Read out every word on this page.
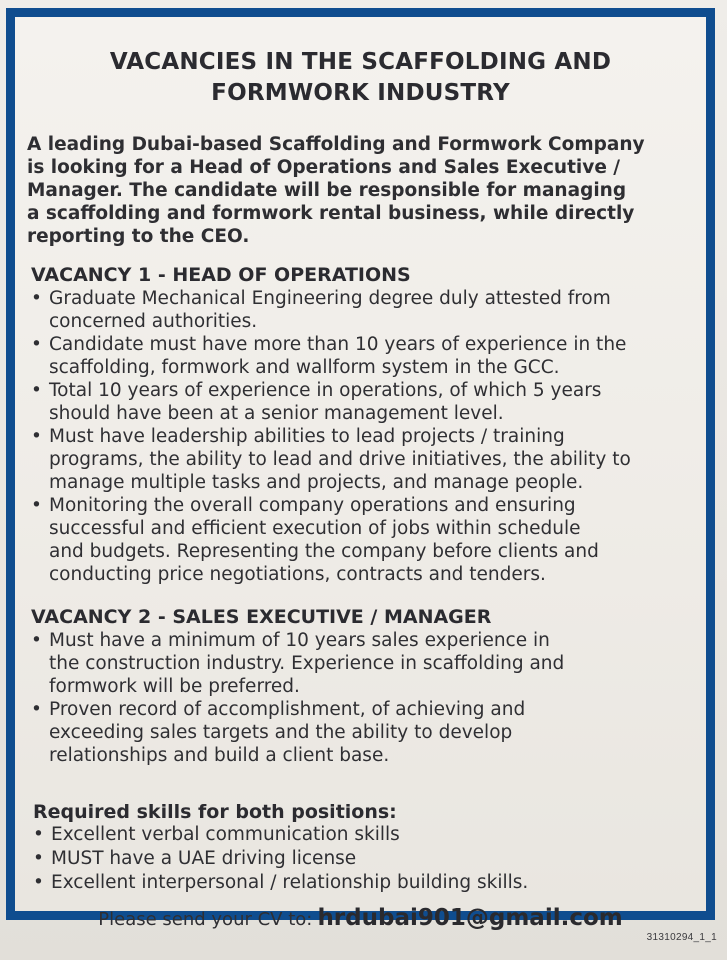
VACANCIES IN THE SCAFFOLDING AND
FORMWORK INDUSTRY
A leading Dubai-based Scaffolding and Formwork Company
is looking for a Head of Operations and Sales Executive /
Manager. The candidate will be responsible for managing
a scaffolding and formwork rental business, while directly
reporting to the CEO.
VACANCY 1 - HEAD OF OPERATIONS
• Graduate Mechanical Engineering degree duly attested from
concerned authorities.
• Candidate must have more than 10 years of experience in the
scaffolding, formwork and wallform system in the GCC.
• Total 10 years of experience in operations, of which 5 years
should have been at a senior management level.
• Must have leadership abilities to lead projects / training
programs, the ability to lead and drive initiatives, the ability to
manage multiple tasks and projects, and manage people.
• Monitoring the overall company operations and ensuring
successful and efficient execution of jobs within schedule
and budgets. Representing the company before clients and
conducting price negotiations, contracts and tenders.
VACANCY 2 - SALES EXECUTIVE / MANAGER
• Must have a minimum of 10 years sales experience in
the construction industry. Experience in scaffolding and
formwork will be preferred.
• Proven record of accomplishment, of achieving and
exceeding sales targets and the ability to develop
relationships and build a client base.
Required skills for both positions:
• Excellent verbal communication skills
• MUST have a UAE driving license
• Excellent interpersonal / relationship building skills.
Please send your CV to: hrdubai901@gmail.com
31310294_1_1
